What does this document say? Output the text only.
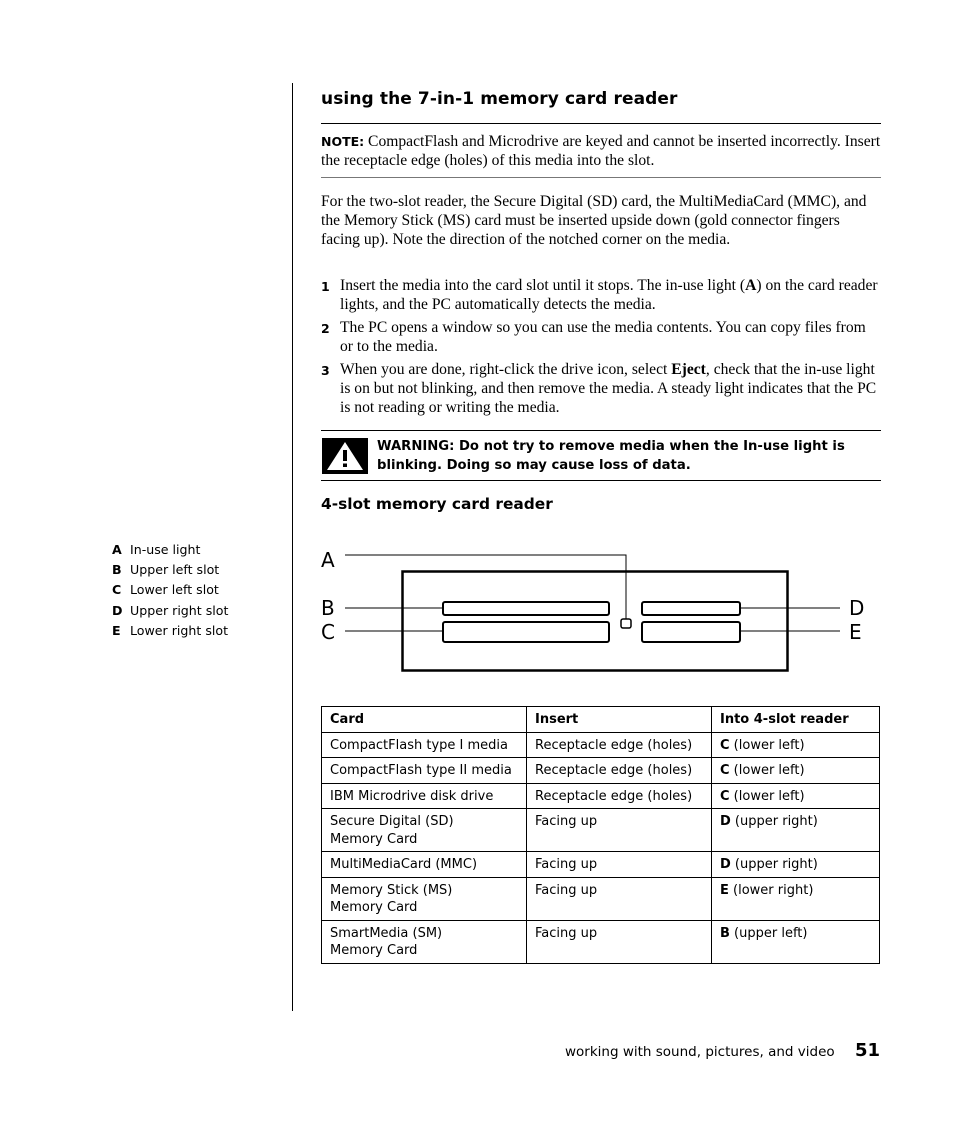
using the 7-in-1 memory card reader

NOTE: CompactFlash and Microdrive are keyed and cannot be inserted incorrectly. Insert the receptacle edge (holes) of this media into the slot.

For the two-slot reader, the Secure Digital (SD) card, the MultiMediaCard (MMC), and the Memory Stick (MS) card must be inserted upside down (gold connector fingers facing up). Note the direction of the notched corner on the media.

1 Insert the media into the card slot until it stops. The in-use light (A) on the card reader lights, and the PC automatically detects the media.
2 The PC opens a window so you can use the media contents. You can copy files from or to the media.
3 When you are done, right-click the drive icon, select Eject, check that the in-use light is on but not blinking, and then remove the media. A steady light indicates that the PC is not reading or writing the media.

WARNING: Do not try to remove media when the In-use light is blinking. Doing so may cause loss of data.

4-slot memory card reader
A In-use light
B Upper left slot
C Lower left slot
D Upper right slot
E Lower right slot
A
B
C
D
E
Card	Insert	Into 4-slot reader
CompactFlash type I media	Receptacle edge (holes)	C (lower left)
CompactFlash type II media	Receptacle edge (holes)	C (lower left)
IBM Microdrive disk drive	Receptacle edge (holes)	C (lower left)
Secure Digital (SD)
Memory Card	Facing up	D (upper right)
MultiMediaCard (MMC)	Facing up	D (upper right)
Memory Stick (MS)
Memory Card	Facing up	E (lower right)
SmartMedia (SM)
Memory Card	Facing up	B (upper left)
working with sound, pictures, and video 51
